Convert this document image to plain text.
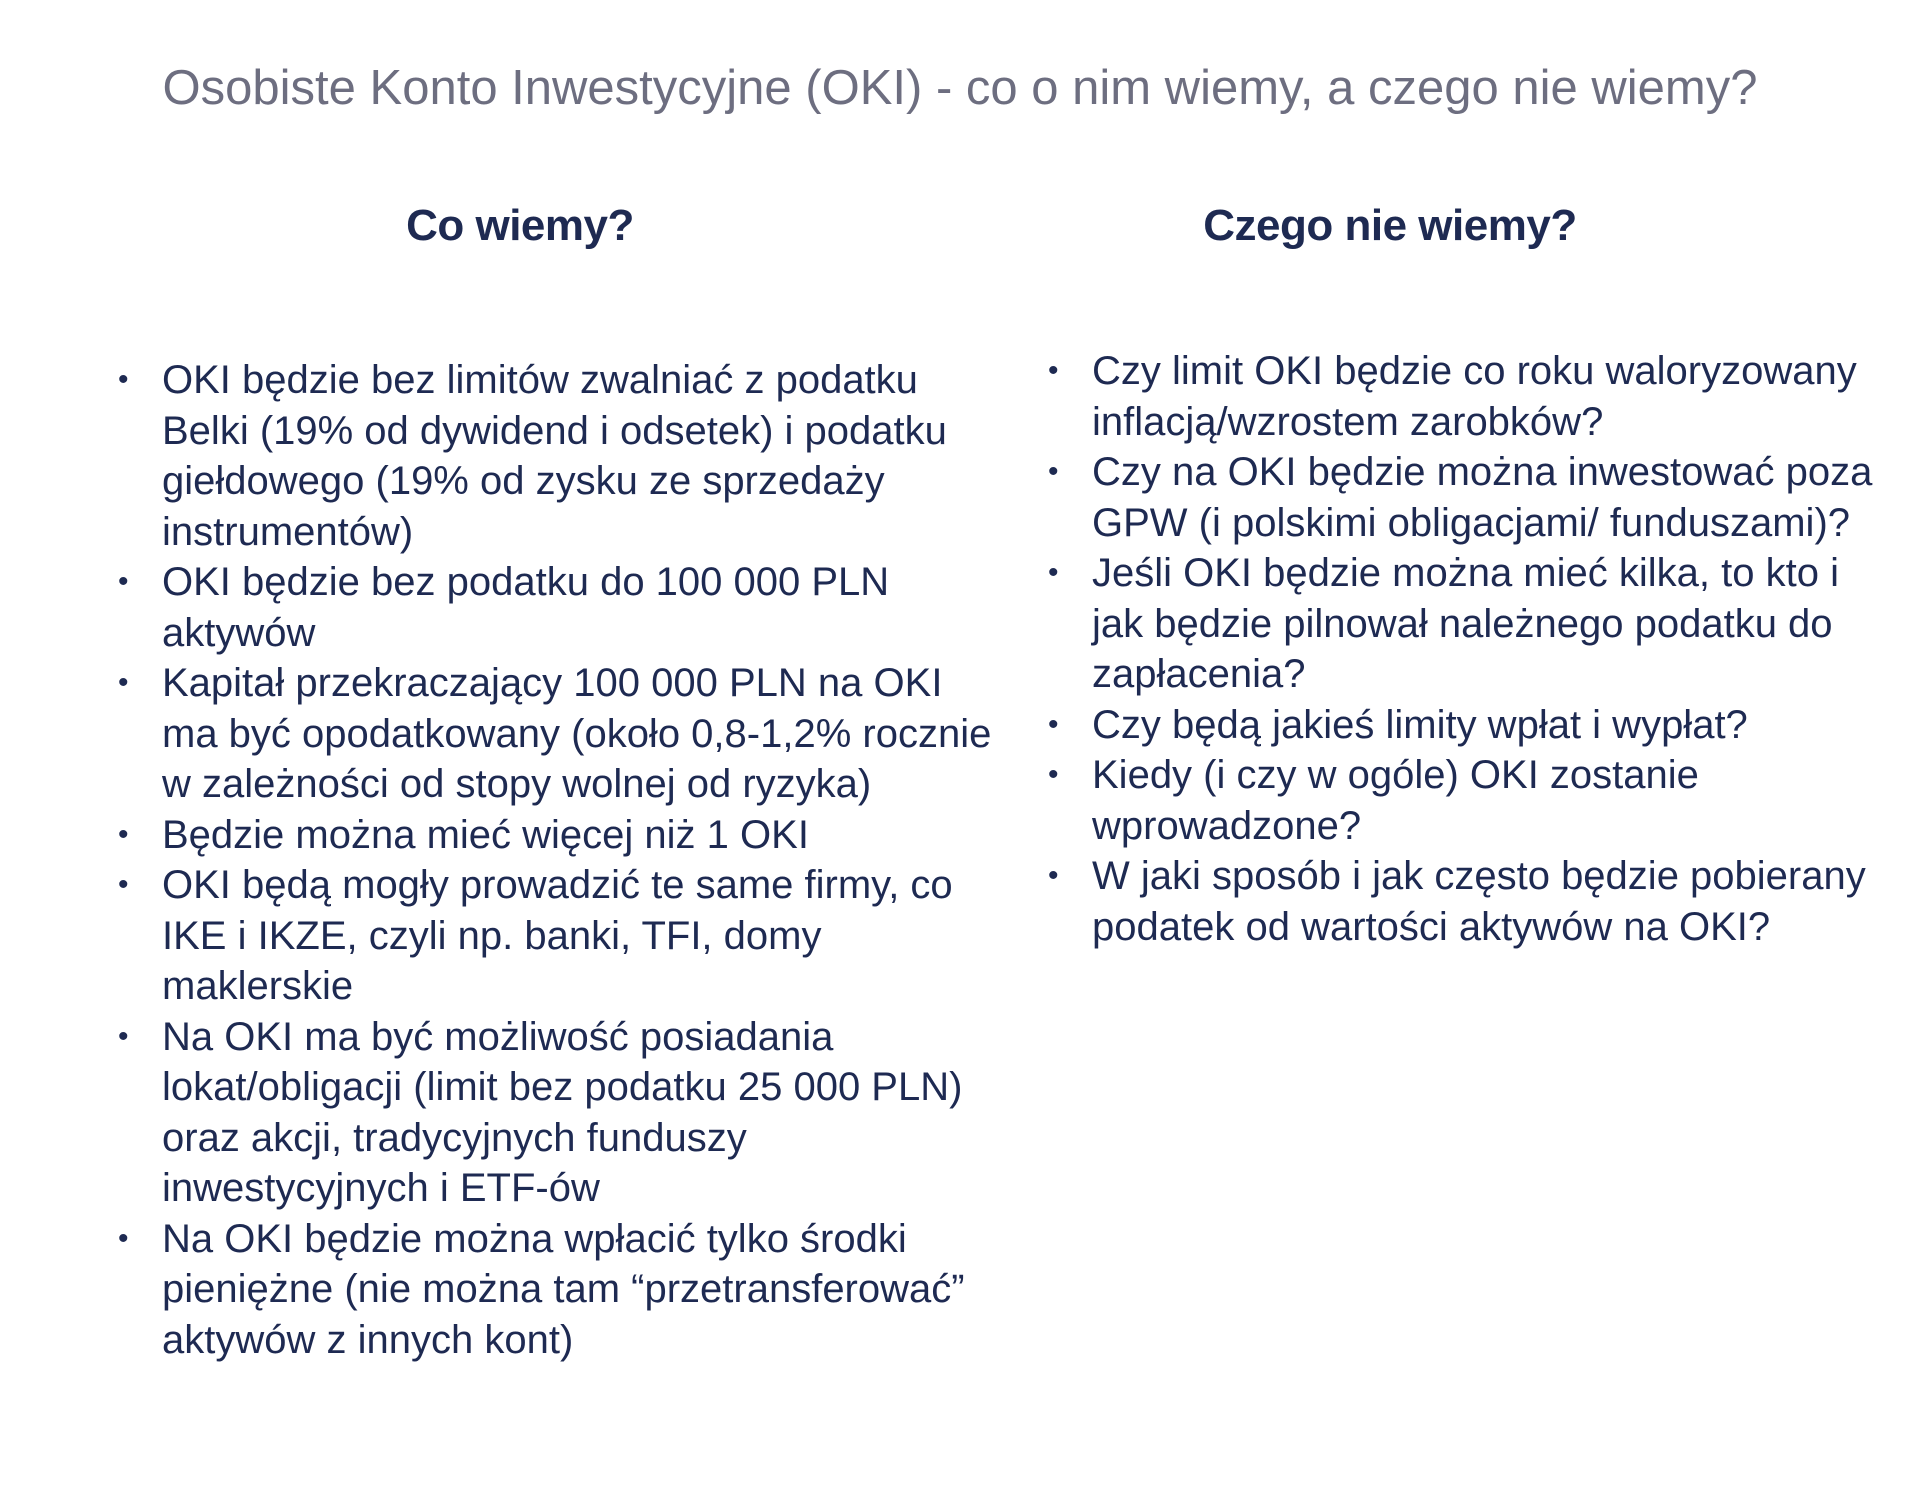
Osobiste Konto Inwestycyjne (OKI) - co o nim wiemy, a czego nie wiemy?
Co wiemy?	Czego nie wiemy?
• OKI będzie bez limitów zwalniać z podatku Belki (19% od dywidend i odsetek) i podatku giełdowego (19% od zysku ze sprzedaży instrumentów)
• OKI będzie bez podatku do 100 000 PLN aktywów
• Kapitał przekraczający 100 000 PLN na OKI ma być opodatkowany (około 0,8-1,2% rocznie w zależności od stopy wolnej od ryzyka)
• Będzie można mieć więcej niż 1 OKI
• OKI będą mogły prowadzić te same firmy, co IKE i IKZE, czyli np. banki, TFI, domy maklerskie
• Na OKI ma być możliwość posiadania lokat/obligacji (limit bez podatku 25 000 PLN) oraz akcji, tradycyjnych funduszy inwestycyjnych i ETF-ów
• Na OKI będzie można wpłacić tylko środki pieniężne (nie można tam “przetransferować” aktywów z innych kont)
• Czy limit OKI będzie co roku waloryzowany inflacją/wzrostem zarobków?
• Czy na OKI będzie można inwestować poza GPW (i polskimi obligacjami/ funduszami)?
• Jeśli OKI będzie można mieć kilka, to kto i jak będzie pilnował należnego podatku do zapłacenia?
• Czy będą jakieś limity wpłat i wypłat?
• Kiedy (i czy w ogóle) OKI zostanie wprowadzone?
• W jaki sposób i jak często będzie pobierany podatek od wartości aktywów na OKI?
